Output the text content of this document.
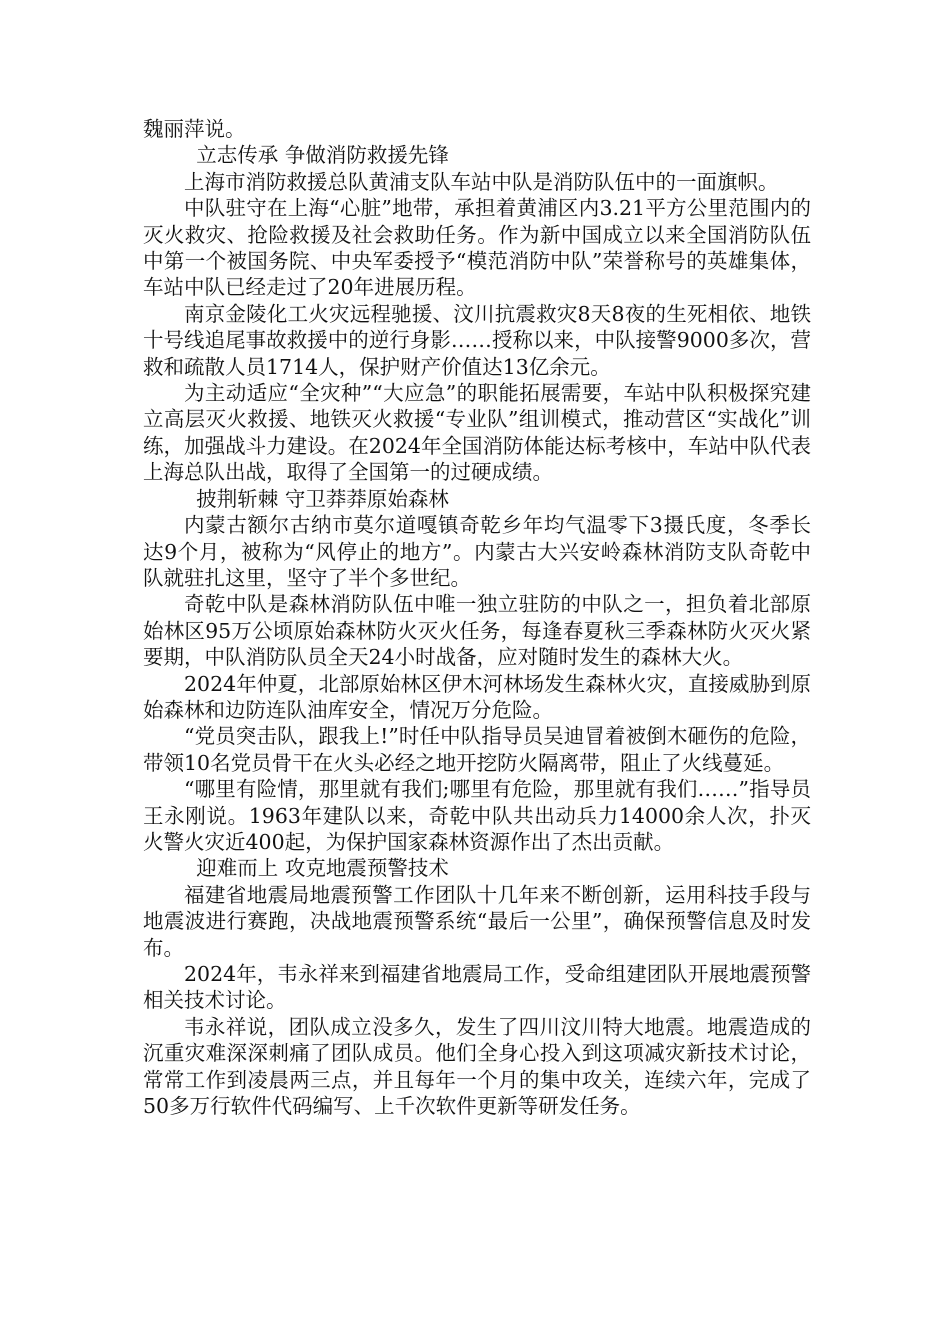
魏丽萍说。

立志传承 争做消防救援先锋

上海市消防救援总队黄浦支队车站中队是消防队伍中的一面旗帜。

中队驻守在上海“心脏”地带，承担着黄浦区内3.21平方公里范围内的灭火救灾、抢险救援及社会救助任务。作为新中国成立以来全国消防队伍中第一个被国务院、中央军委授予“模范消防中队”荣誉称号的英雄集体，车站中队已经走过了20年进展历程。

南京金陵化工火灾远程驰援、汶川抗震救灾8天8夜的生死相依、地铁十号线追尾事故救援中的逆行身影……授称以来，中队接警9000多次，营救和疏散人员1714人，保护财产价值达13亿余元。

为主动适应“全灾种”“大应急”的职能拓展需要，车站中队积极探究建立高层灭火救援、地铁灭火救援“专业队”组训模式，推动营区“实战化”训练，加强战斗力建设。在2024年全国消防体能达标考核中，车站中队代表上海总队出战，取得了全国第一的过硬成绩。

披荆斩棘 守卫莽莽原始森林

内蒙古额尔古纳市莫尔道嘎镇奇乾乡年均气温零下3摄氏度，冬季长达9个月，被称为“风停止的地方”。内蒙古大兴安岭森林消防支队奇乾中队就驻扎这里，坚守了半个多世纪。

奇乾中队是森林消防队伍中唯一独立驻防的中队之一，担负着北部原始林区95万公顷原始森林防火灭火任务，每逢春夏秋三季森林防火灭火紧要期，中队消防队员全天24小时战备，应对随时发生的森林大火。

2024年仲夏，北部原始林区伊木河林场发生森林火灾，直接威胁到原始森林和边防连队油库安全，情况万分危险。

“党员突击队，跟我上!”时任中队指导员吴迪冒着被倒木砸伤的危险，带领10名党员骨干在火头必经之地开挖防火隔离带，阻止了火线蔓延。

“哪里有险情，那里就有我们;哪里有危险，那里就有我们……”指导员王永刚说。1963年建队以来，奇乾中队共出动兵力14000余人次，扑灭火警火灾近400起，为保护国家森林资源作出了杰出贡献。

迎难而上 攻克地震预警技术

福建省地震局地震预警工作团队十几年来不断创新，运用科技手段与地震波进行赛跑，决战地震预警系统“最后一公里”，确保预警信息及时发布。

2024年，韦永祥来到福建省地震局工作，受命组建团队开展地震预警相关技术讨论。

韦永祥说，团队成立没多久，发生了四川汶川特大地震。地震造成的沉重灾难深深刺痛了团队成员。他们全身心投入到这项减灾新技术讨论，常常工作到凌晨两三点，并且每年一个月的集中攻关，连续六年，完成了50多万行软件代码编写、上千次软件更新等研发任务。
